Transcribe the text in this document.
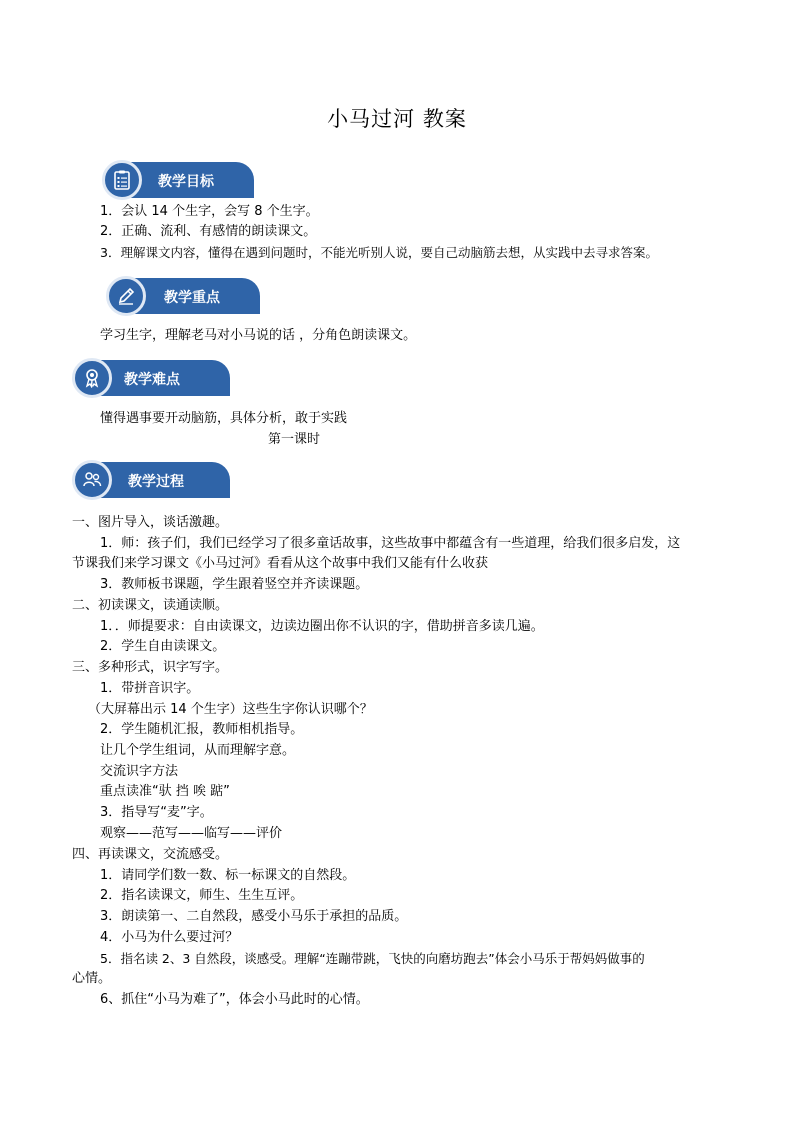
小马过河 教案
教学目标
1．会认 14 个生字，会写 8 个生字。
2．正确、流利、有感情的朗读课文。
3．理解课文内容，懂得在遇到问题时，不能光听别人说，要自己动脑筋去想，从实践中去寻求答案。
教学重点
学习生字，理解老马对小马说的话 ，分角色朗读课文。
教学难点
懂得遇事要开动脑筋，具体分析，敢于实践
第一课时
教学过程
一、图片导入，谈话激趣。
1．师：孩子们，我们已经学习了很多童话故事，这些故事中都蕴含有一些道理，给我们很多启发，这
节课我们来学习课文《小马过河》看看从这个故事中我们又能有什么收获
3．教师板书课题，学生跟着竖空并齐读课题。
二、初读课文，读通读顺。
1．．师提要求：自由读课文，边读边圈出你不认识的字，借助拼音多读几遍。
2．学生自由读课文。
三、多种形式，识字写字。
1．带拼音识字。
（大屏幕出示 14 个生字）这些生字你认识哪个？
2．学生随机汇报，教师相机指导。
让几个学生组词，从而理解字意。
交流识字方法
重点读准“驮 挡 唉 踮”
3．指导写“麦”字。
观察——范写——临写——评价
四、再读课文，交流感受。
1．请同学们数一数、标一标课文的自然段。
2．指名读课文，师生、生生互评。
3．朗读第一、二自然段，感受小马乐于承担的品质。
4．小马为什么要过河？
5．指名读 2、3 自然段，谈感受。理解“连蹦带跳，飞快的向磨坊跑去”体会小马乐于帮妈妈做事的
心情。
6、抓住“小马为难了”，体会小马此时的心情。
